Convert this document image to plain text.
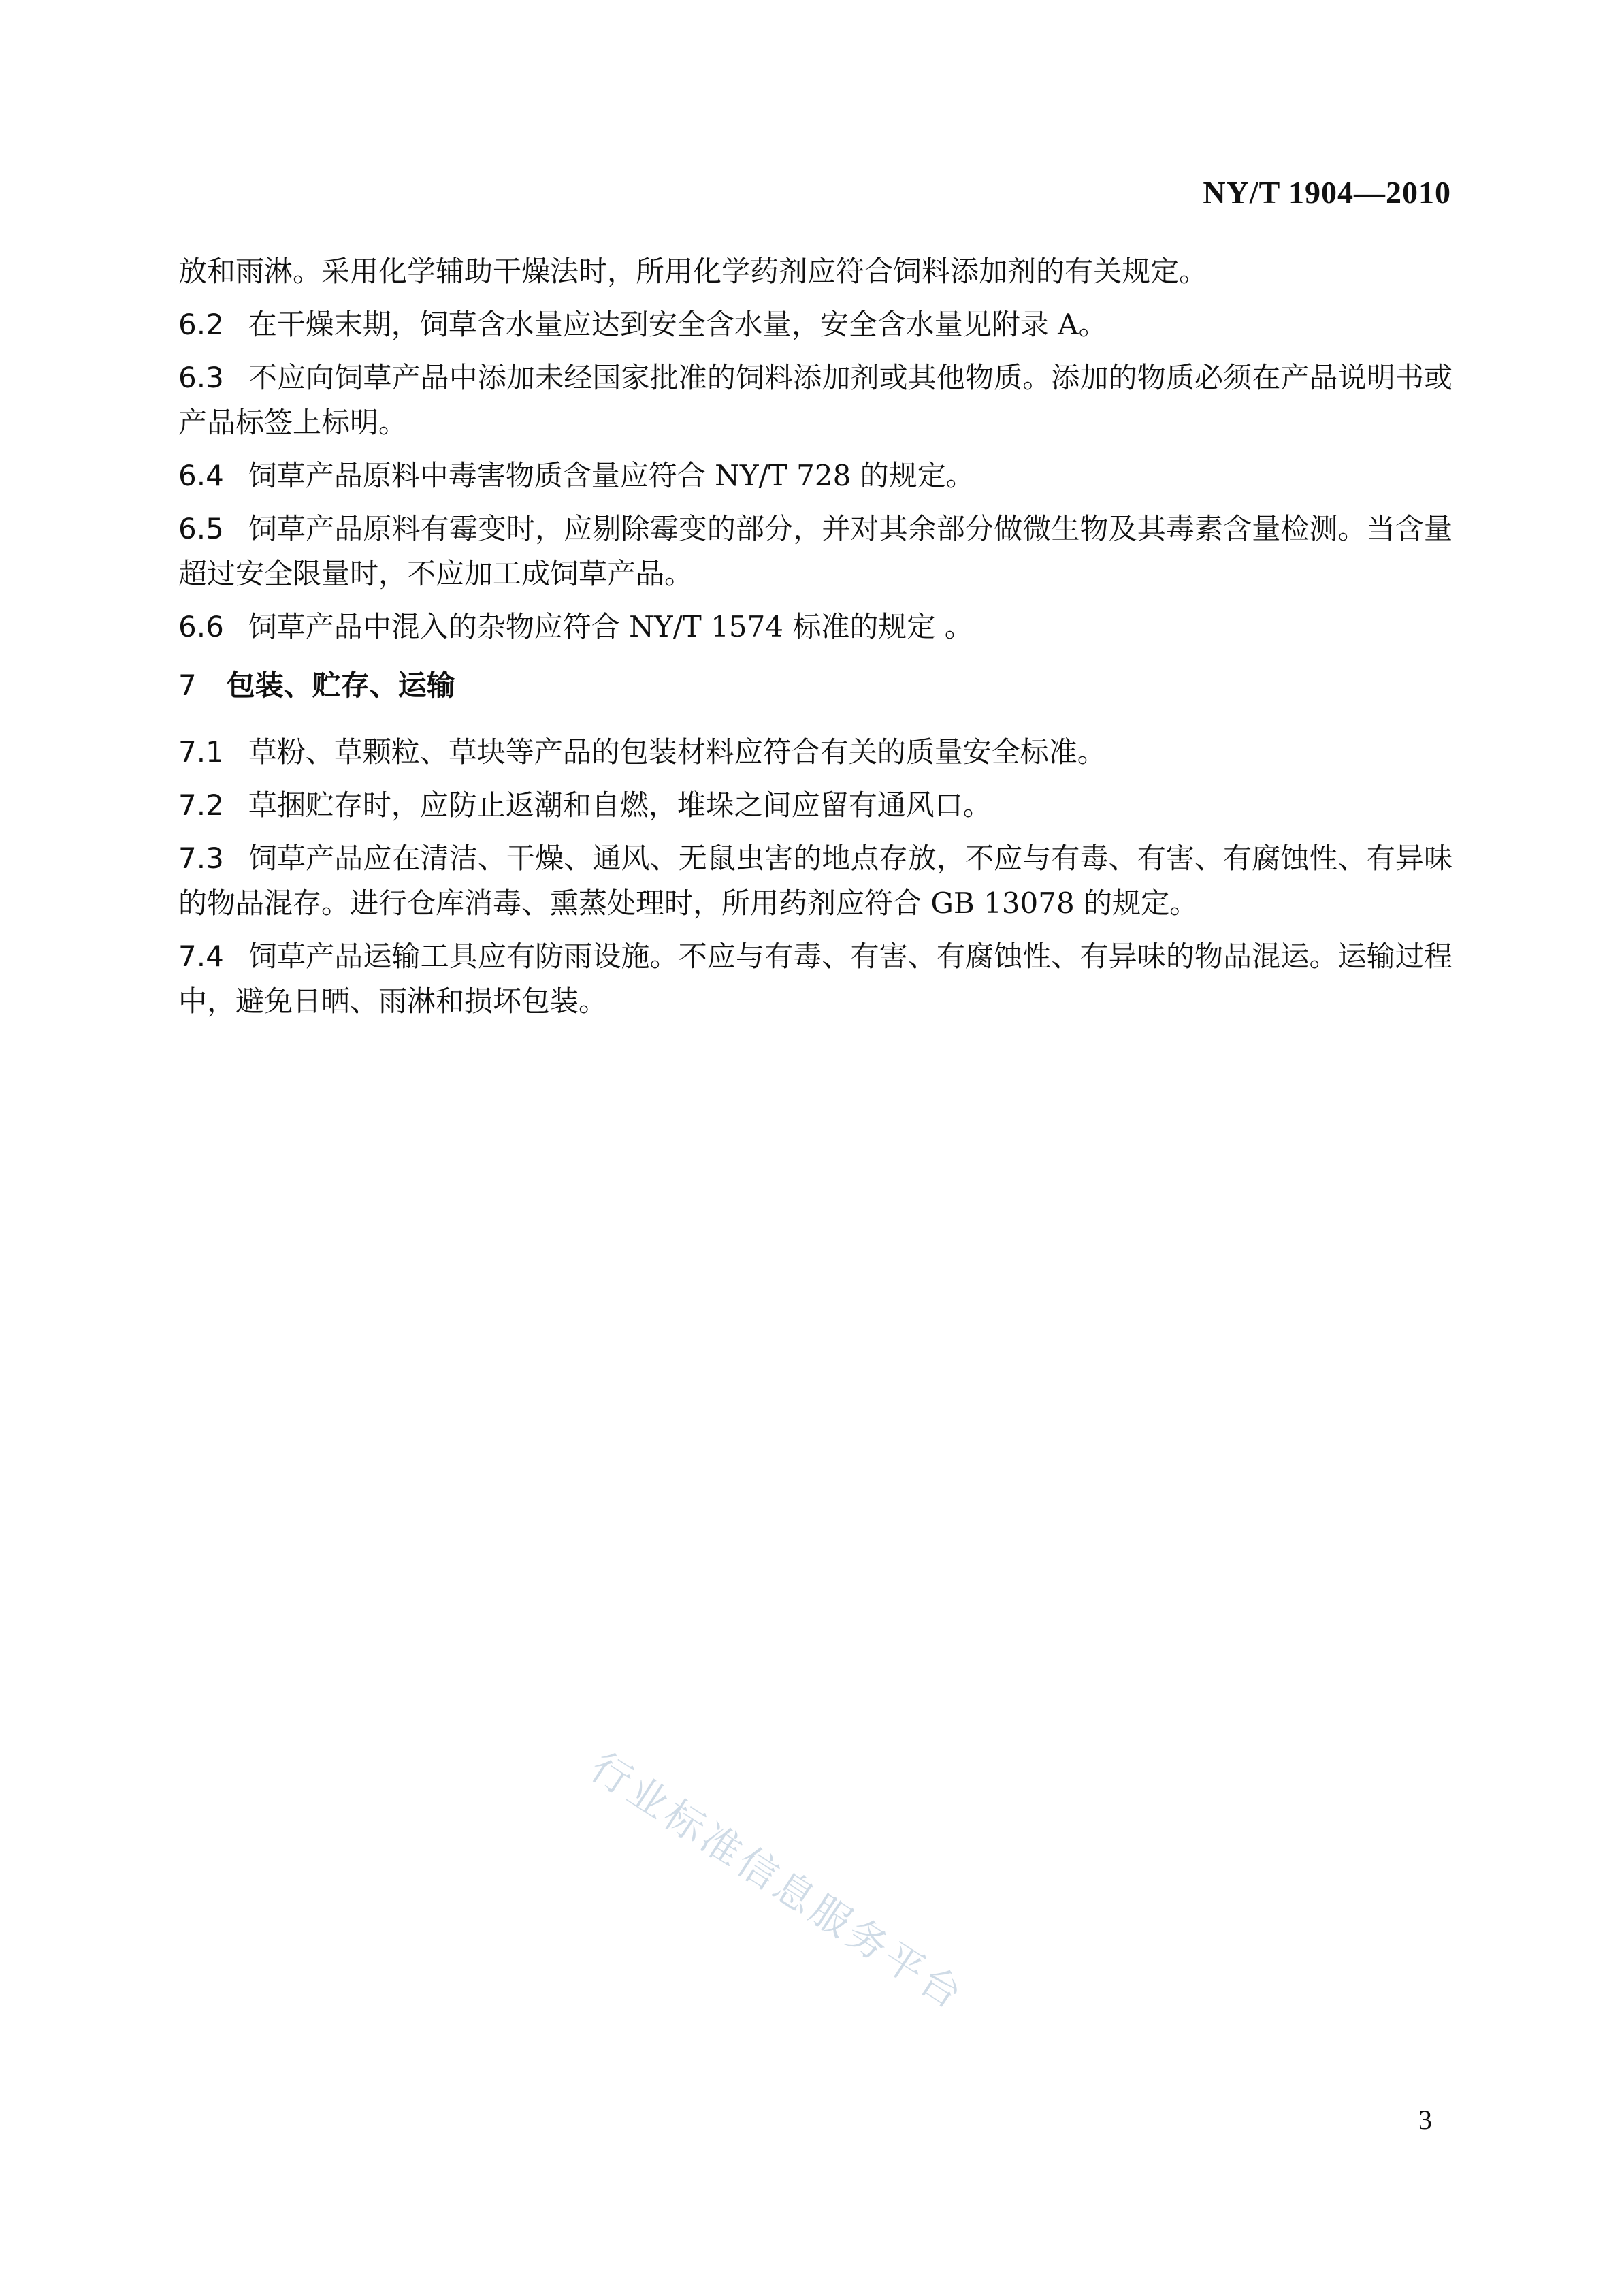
NY/T 1904—2010

放和雨淋。采用化学辅助干燥法时，所用化学药剂应符合饲料添加剂的有关规定。

6.2 在干燥末期，饲草含水量应达到安全含水量，安全含水量见附录 A。

6.3 不应向饲草产品中添加未经国家批准的饲料添加剂或其他物质。添加的物质必须在产品说明书或产品标签上标明。

6.4 饲草产品原料中毒害物质含量应符合 NY/T 728 的规定。

6.5 饲草产品原料有霉变时，应剔除霉变的部分，并对其余部分做微生物及其毒素含量检测。当含量超过安全限量时，不应加工成饲草产品。

6.6 饲草产品中混入的杂物应符合 NY/T 1574 标准的规定 。

7 包装、贮存、运输

7.1 草粉、草颗粒、草块等产品的包装材料应符合有关的质量安全标准。

7.2 草捆贮存时，应防止返潮和自燃，堆垛之间应留有通风口。

7.3 饲草产品应在清洁、干燥、通风、无鼠虫害的地点存放，不应与有毒、有害、有腐蚀性、有异味的物品混存。进行仓库消毒、熏蒸处理时，所用药剂应符合 GB 13078 的规定。

7.4 饲草产品运输工具应有防雨设施。不应与有毒、有害、有腐蚀性、有异味的物品混运。运输过程中，避免日晒、雨淋和损坏包装。

行业标准信息服务平台
3
